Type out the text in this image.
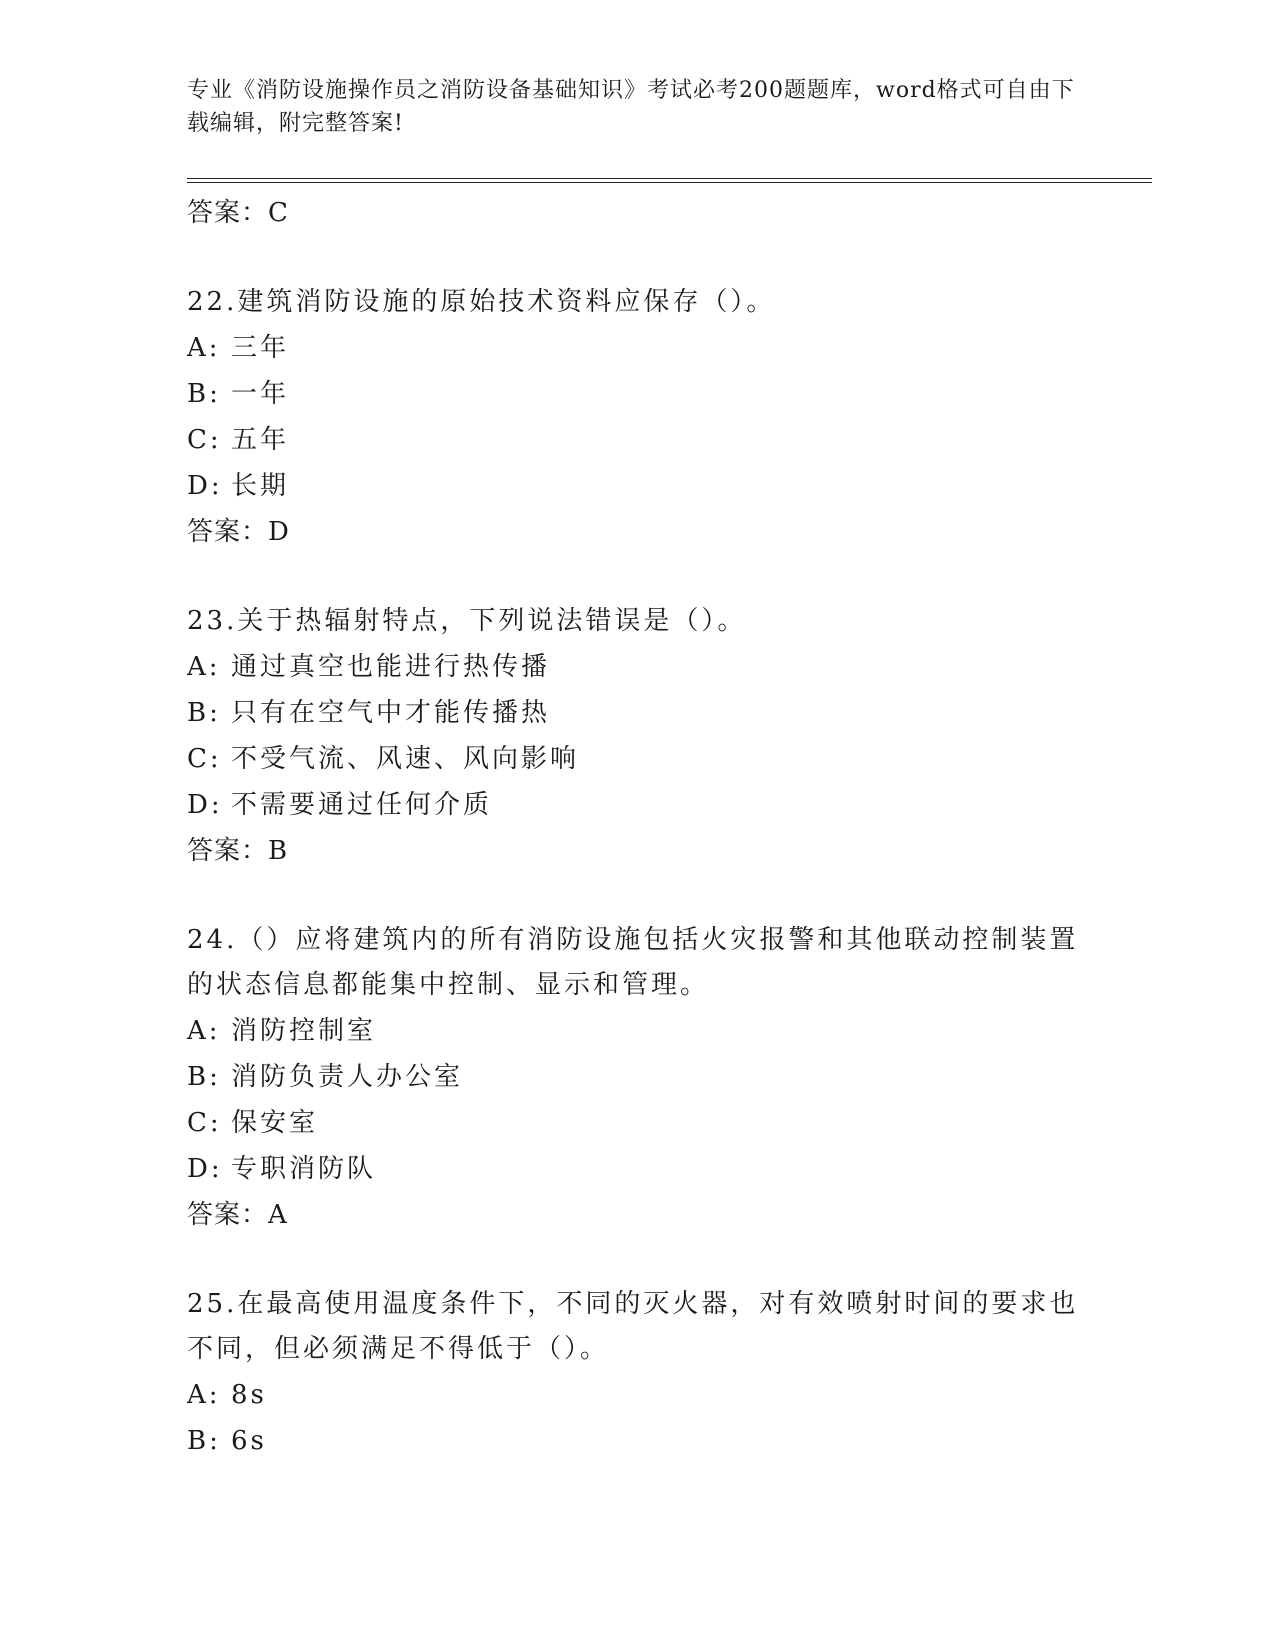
专业《消防设施操作员之消防设备基础知识》考试必考200题题库，word格式可自由下载编辑，附完整答案!
答案：C
22.建筑消防设施的原始技术资料应保存（）。
A: 三年
B: 一年
C: 五年
D: 长期
答案：D
23.关于热辐射特点，下列说法错误是（）。
A: 通过真空也能进行热传播
B: 只有在空气中才能传播热
C: 不受气流、风速、风向影响
D: 不需要通过任何介质
答案：B
24.（）应将建筑内的所有消防设施包括火灾报警和其他联动控制装置的状态信息都能集中控制、显示和管理。
A: 消防控制室
B: 消防负责人办公室
C: 保安室
D: 专职消防队
答案：A
25.在最高使用温度条件下，不同的灭火器，对有效喷射时间的要求也不同，但必须满足不得低于（）。
A: 8s
B: 6s
